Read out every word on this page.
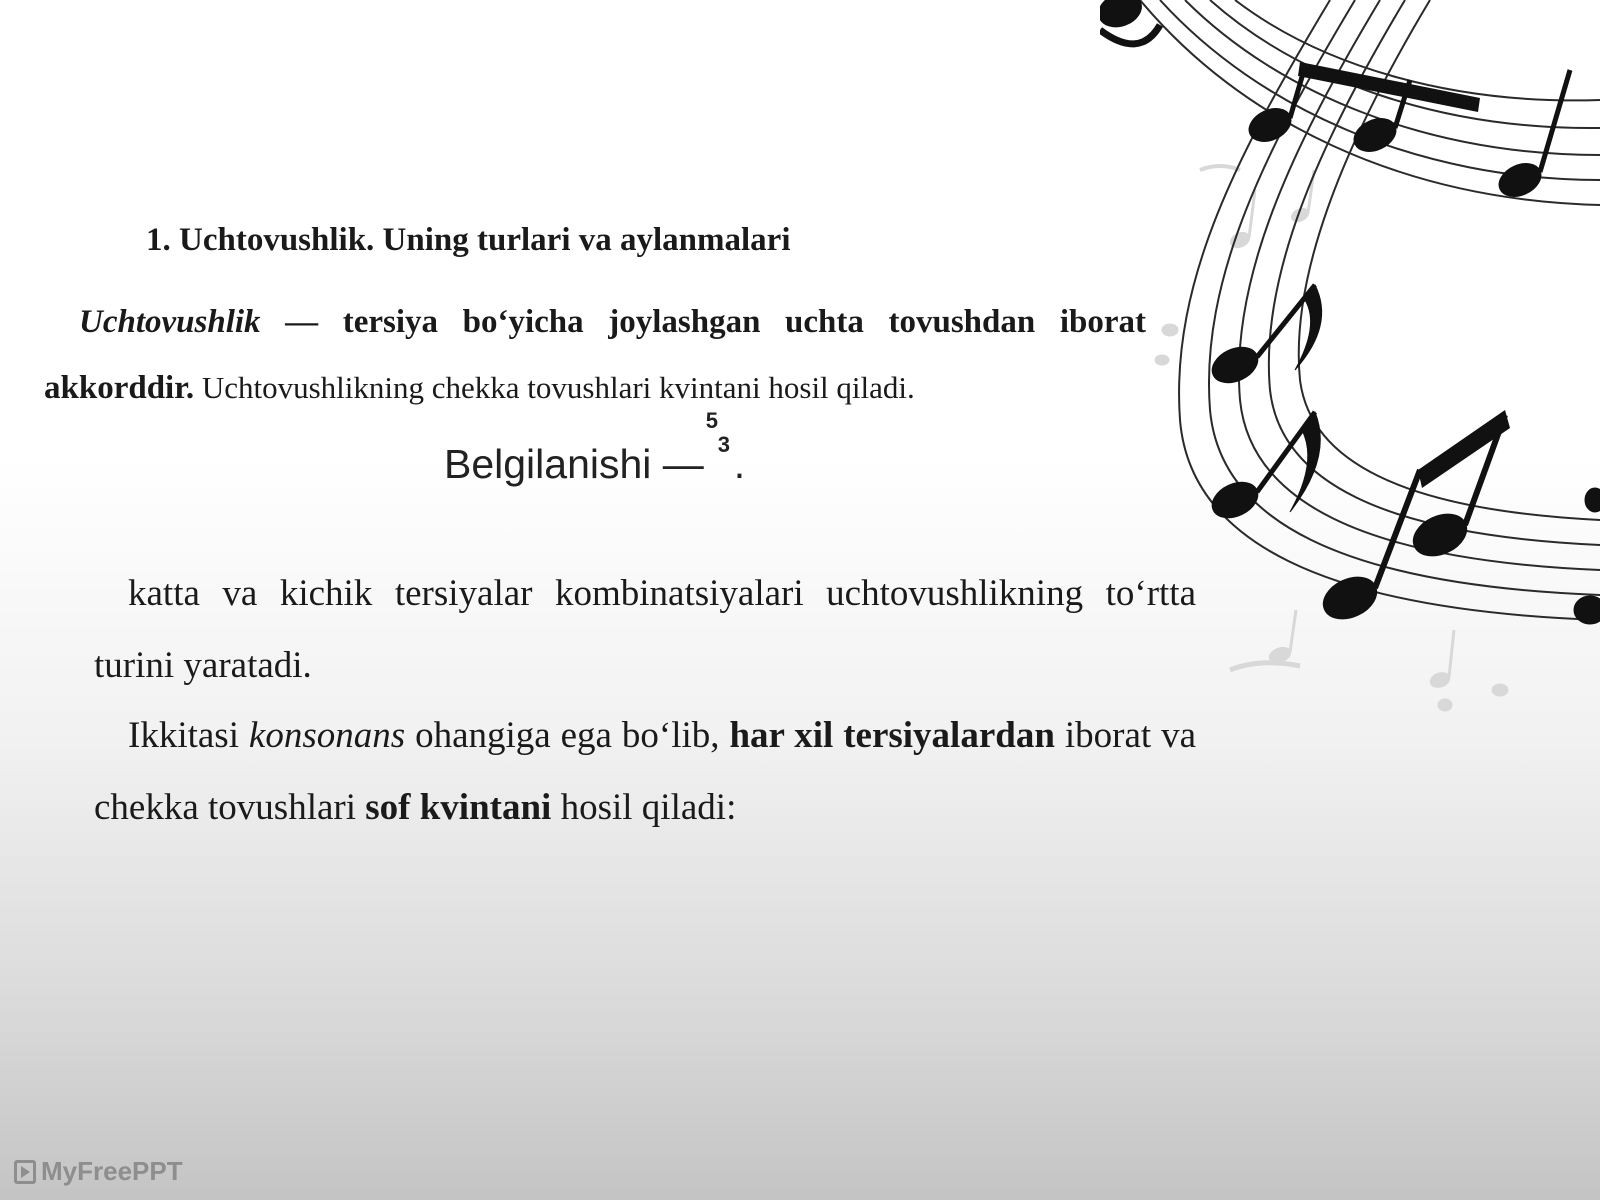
1. Uchtovushlik. Uning turlari va aylanmalari
Uchtovushlik — tersiya bo‘yicha joylashgan uchta tovushdan iborat akkorddir. Uchtovushlikning chekka tovushlari kvintani hosil qiladi.
Belgilanishi —
5
3 .
katta va kichik tersiyalar kombinatsiyalari uchtovushlikning to‘rtta turini yaratadi.
Ikkitasi konsonans ohangiga ega bo‘lib, har xil tersiyalardan iborat va chekka tovushlari sof kvintani hosil qiladi:
MyFreePPT
